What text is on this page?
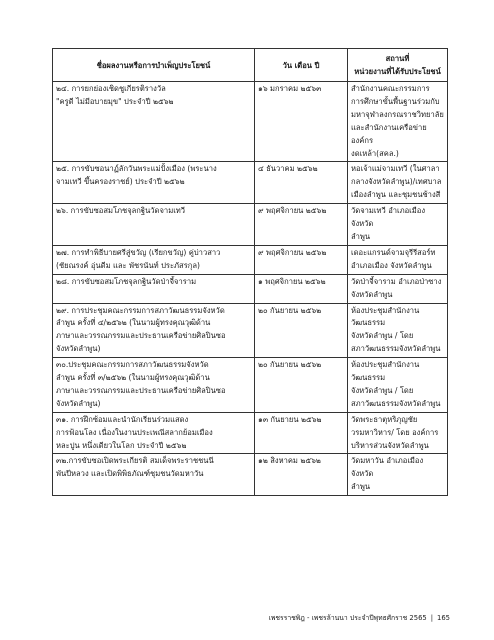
ชื่อผลงานหรือการบำเพ็ญประโยชน์	วัน เดือน ปี	สถานที่
หน่วยงานที่ได้รับประโยชน์

๒๔. การยกย่องเชิดชูเกียรติรางวัล
"ครูดี ไม่มีอบายมุข" ประจำปี ๒๕๖๒	๑๖ มกราคม ๒๕๖๓	สำนักงานคณะกรรมการ
การศึกษาขั้นพื้นฐานร่วมกับ
มหาจุฬาลงกรณราชวิทยาลัย
และสำนักงานเครือข่ายองค์กร
งดเหล้า(สคล.)

๒๕. การขับซอนาฏ์ลักวันพระแม่ปั้งเมือง (พระนาง
จามเทวี ขึ้นครองราชย์) ประจำปี ๒๕๖๒	๔ ธันวาคม ๒๕๖๒	หอเจ้าแม่จามเทวี (ในศาลา
กลางจังหวัดลำพูน)/เทศบาล
เมืองลำพูน และชุมชนช้างสี

๒๖. การขับซอสมโภชจุลกฐินวัดจามเทวี	๙ พฤศจิกายน ๒๕๖๒	วัดจามเทวี อำเภอเมือง จังหวัด
ลำพูน

๒๗. การทำพิธีบายศรีสู่ขวัญ (เรียกขวัญ) คู่บ่าวสาว
(ชัยณรงค์ อุ่นดีม และ พัชรนันท์ ประภัสรกุล)	๙ พฤศจิกายน ๒๕๖๒	เดอะแกรนด์จามจุรีรีสอร์ท
อำเภอเมือง จังหวัดลำพูน

๒๘. การขับซอสมโภชจุลกฐินวัดป่าจี้จาราม	๑ พฤศจิกายน ๒๕๖๒	วัดป่าจี้จาราม อำเภอป่าซาง
จังหวัดลำพูน

๒๙. การประชุมคณะกรรมการสภาวัฒนธรรมจังหวัด
ลำพูน ครั้งที่ ๔/๒๕๖๒ (ในนามผู้ทรงคุณวุฒิด้าน
ภาษาและวรรณกรรมและประธานเครือข่ายศิลปินซอ
จังหวัดลำพูน)	๒๐ กันยายน ๒๕๖๒	ห้องประชุมสำนักงานวัฒนธรรม
จังหวัดลำพูน / โดย
สภาวัฒนธรรมจังหวัดลำพูน

๓๐.ประชุมคณะกรรมการสภาวัฒนธรรมจังหวัด
ลำพูน ครั้งที่ ๓/๒๕๖๒ (ในนามผู้ทรงคุณวุฒิด้าน
ภาษาและวรรณกรรมและประธานเครือข่ายศิลปินซอ
จังหวัดลำพูน)	๒๐ กันยายน ๒๕๖๒	ห้องประชุมสำนักงานวัฒนธรรม
จังหวัดลำพูน / โดย
สภาวัฒนธรรมจังหวัดลำพูน

๓๑. การฝึกซ้อมและนำนักเรียนร่วมแสดง
การฟ้อนโลง เนื่องในงานประเพณีสลากย้อมเมือง
หละปูน หนึ่งเดียวในโลก ประจำปี ๒๕๖๒	๑๓ กันยายน ๒๕๖๒	วัดพระธาตุหริภุญชัย
วรมหาวิหาร/ โดย องค์การ
บริหารส่วนจังหวัดลำพูน

๓๒.การขับซอเปิดพระเกียรติ สมเด็จพระราชชนนี
พันปีหลวง และเปิดพิพิธภัณฑ์ชุมชนวัดมหาวัน	๑๒ สิงหาคม ๒๕๖๒	วัดมหาวัน อำเภอเมือง จังหวัด
ลำพูน
เพชรราชพิฎ - เพชรล้านนา ประจำปีพุทธศักราช 2565 | 165
